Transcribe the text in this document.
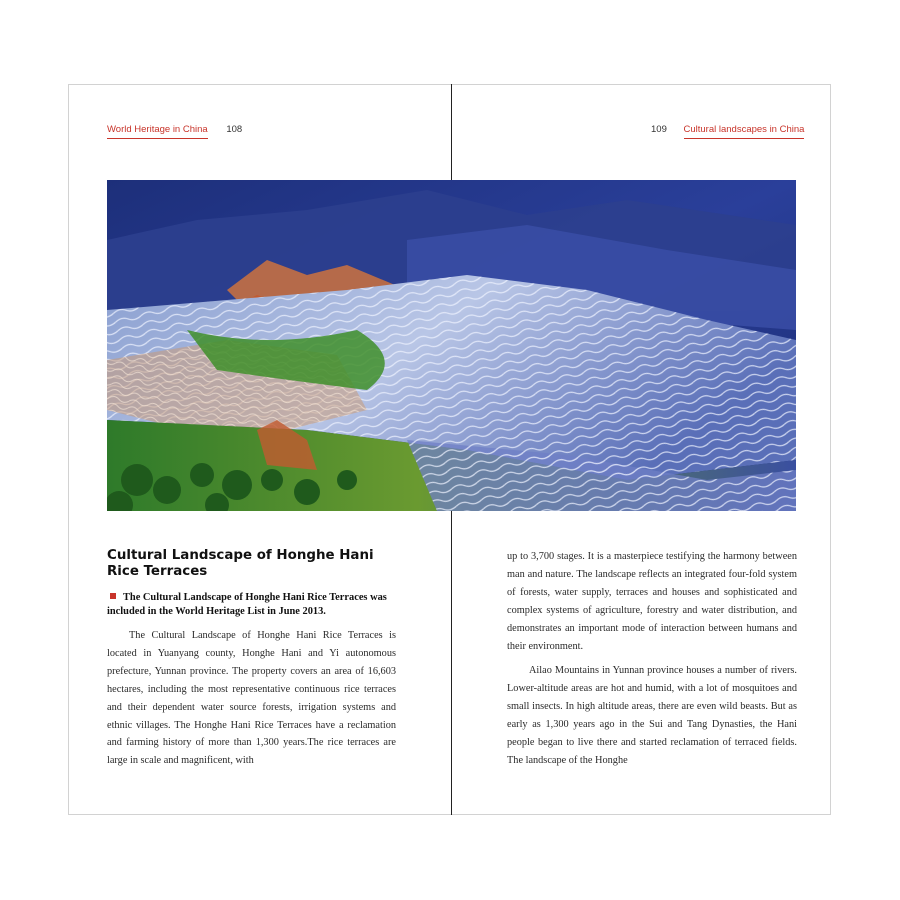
World Heritage in China 108	109 Cultural landscapes in China
Cultural Landscape of Honghe Hani Rice Terraces

The Cultural Landscape of Honghe Hani Rice Terraces was included in the World Heritage List in June 2013.

The Cultural Landscape of Honghe Hani Rice Terraces is located in Yuanyang county, Honghe Hani and Yi autonomous prefecture, Yunnan province. The property covers an area of 16,603 hectares, including the most representative continuous rice terraces and their dependent water source forests, irrigation systems and ethnic villages. The Honghe Hani Rice Terraces have a reclamation and farming history of more than 1,300 years.The rice terraces are large in scale and magnificent, with

up to 3,700 stages. It is a masterpiece testifying the harmony between man and nature. The landscape reflects an integrated four-fold system of forests, water supply, terraces and houses and sophisticated and complex systems of agriculture, forestry and water distribution, and demonstrates an important mode of interaction between humans and their environment.

Ailao Mountains in Yunnan province houses a number of rivers. Lower-altitude areas are hot and humid, with a lot of mosquitoes and small insects. In high altitude areas, there are even wild beasts. But as early as 1,300 years ago in the Sui and Tang Dynasties, the Hani people began to live there and started reclamation of terraced fields. The landscape of the Honghe
